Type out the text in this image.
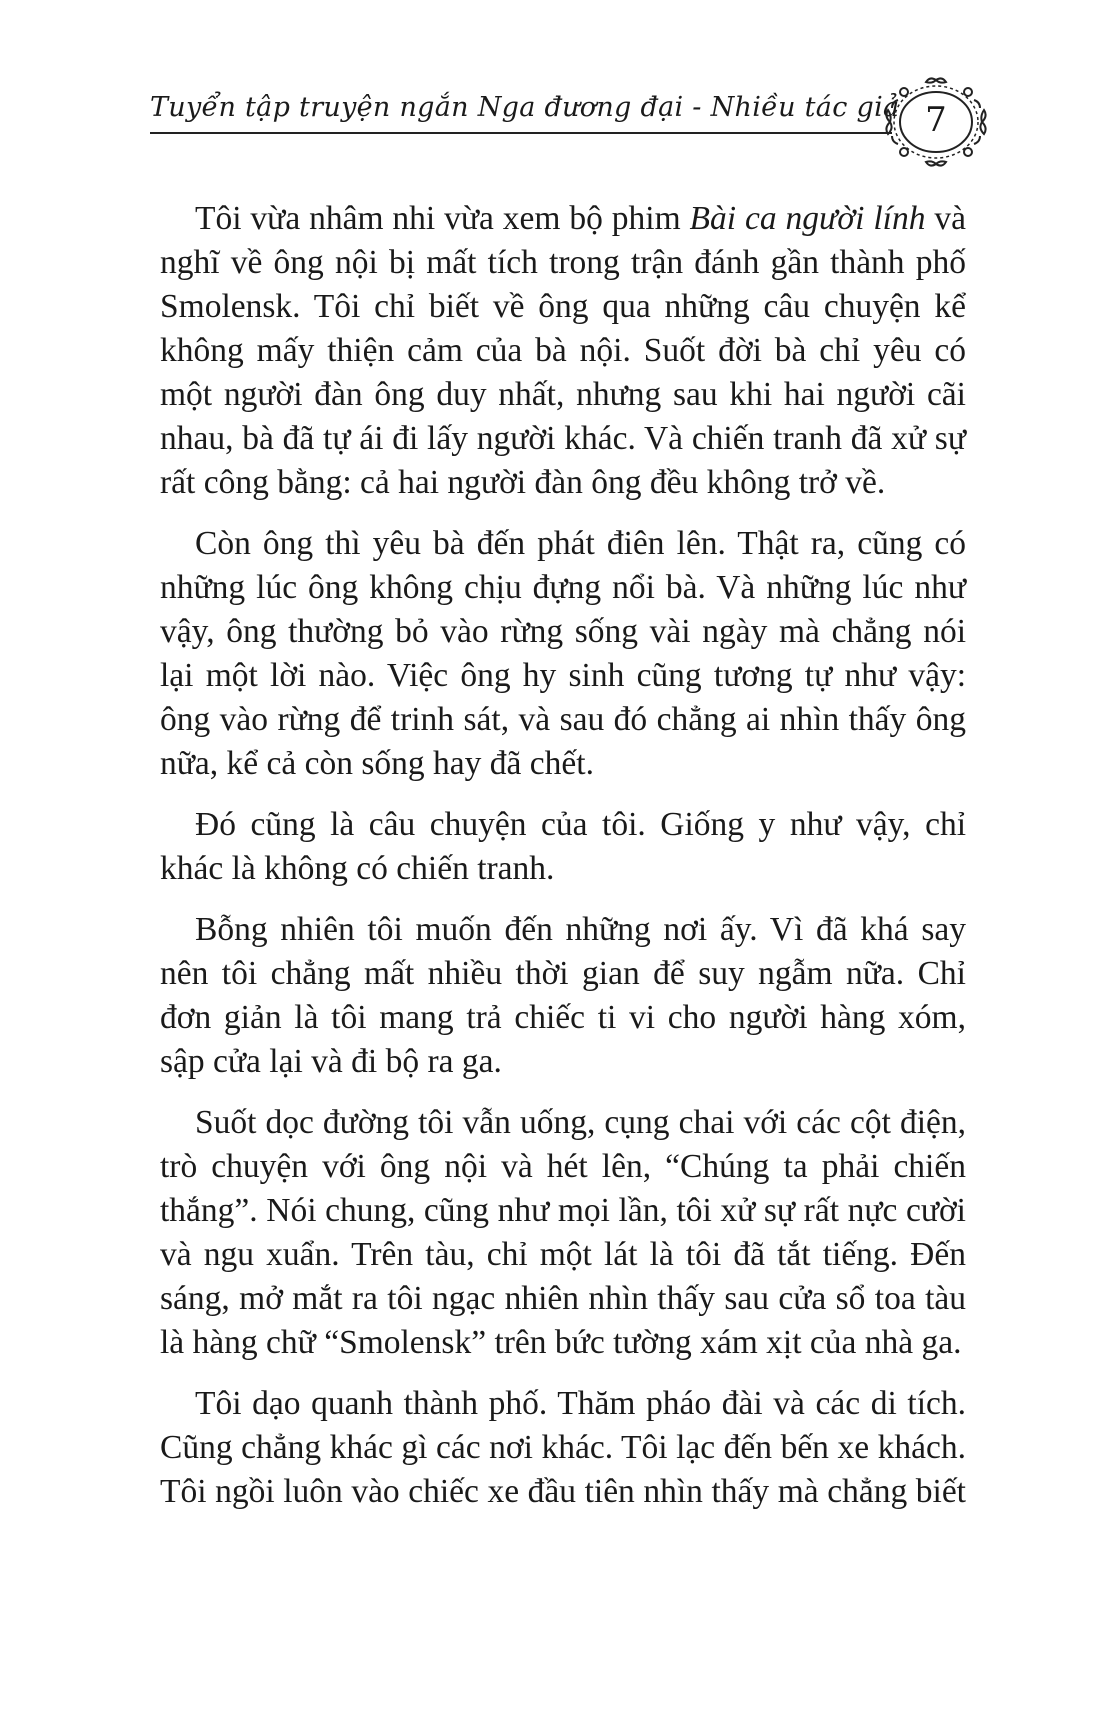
Tuyển tập truyện ngắn Nga đương đại - Nhiều tác giả 7

Tôi vừa nhâm nhi vừa xem bộ phim Bài ca người lính và nghĩ về ông nội bị mất tích trong trận đánh gần thành phố Smolensk. Tôi chỉ biết về ông qua những câu chuyện kể không mấy thiện cảm của bà nội. Suốt đời bà chỉ yêu có một người đàn ông duy nhất, nhưng sau khi hai người cãi nhau, bà đã tự ái đi lấy người khác. Và chiến tranh đã xử sự rất công bằng: cả hai người đàn ông đều không trở về.

Còn ông thì yêu bà đến phát điên lên. Thật ra, cũng có những lúc ông không chịu đựng nổi bà. Và những lúc như vậy, ông thường bỏ vào rừng sống vài ngày mà chẳng nói lại một lời nào. Việc ông hy sinh cũng tương tự như vậy: ông vào rừng để trinh sát, và sau đó chẳng ai nhìn thấy ông nữa, kể cả còn sống hay đã chết.

Đó cũng là câu chuyện của tôi. Giống y như vậy, chỉ khác là không có chiến tranh.

Bỗng nhiên tôi muốn đến những nơi ấy. Vì đã khá say nên tôi chẳng mất nhiều thời gian để suy ngẫm nữa. Chỉ đơn giản là tôi mang trả chiếc ti vi cho người hàng xóm, sập cửa lại và đi bộ ra ga.

Suốt dọc đường tôi vẫn uống, cụng chai với các cột điện, trò chuyện với ông nội và hét lên, “Chúng ta phải chiến thắng”. Nói chung, cũng như mọi lần, tôi xử sự rất nực cười và ngu xuẩn. Trên tàu, chỉ một lát là tôi đã tắt tiếng. Đến sáng, mở mắt ra tôi ngạc nhiên nhìn thấy sau cửa sổ toa tàu là hàng chữ “Smolensk” trên bức tường xám xịt của nhà ga.

Tôi dạo quanh thành phố. Thăm pháo đài và các di tích. Cũng chẳng khác gì các nơi khác. Tôi lạc đến bến xe khách. Tôi ngồi luôn vào chiếc xe đầu tiên nhìn thấy mà chẳng biết
